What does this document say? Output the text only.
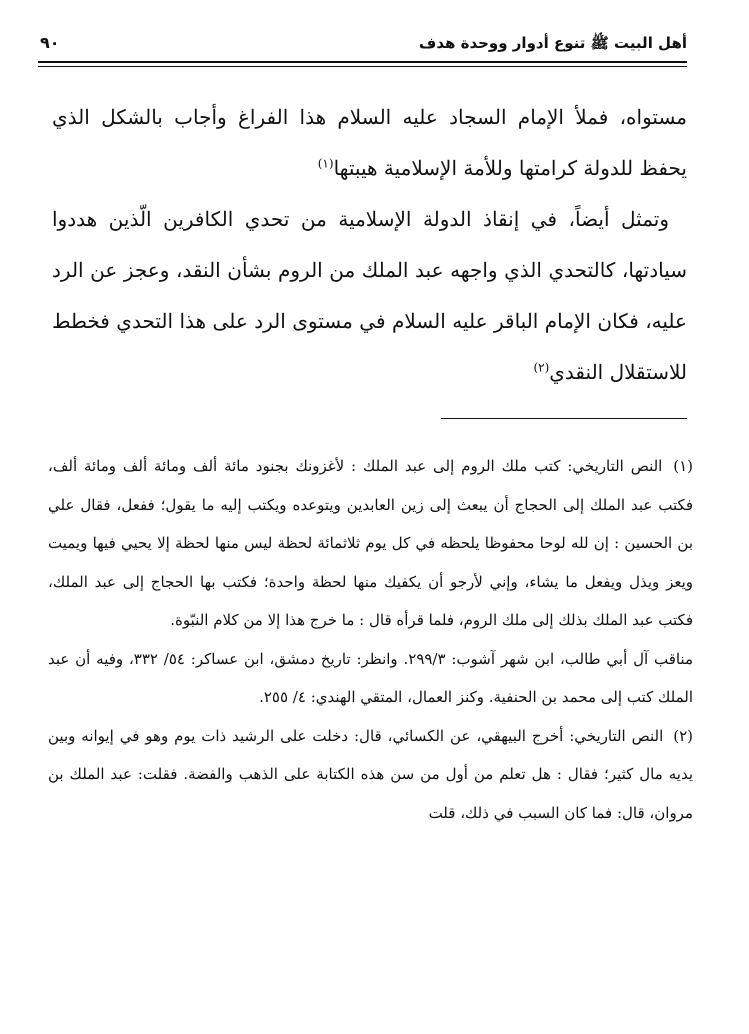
أهل البيت ﷺ تنوع أدوار ووحدة هدف
٩٠

مستواه، فملأ الإمام السجاد عليه السلام هذا الفراغ وأجاب بالشكل الذي يحفظ للدولة كرامتها وللأمة الإسلامية هيبتها$^{(١)}$

وتمثل أيضاً، في إنقاذ الدولة الإسلامية من تحدي الكافرين الّذين هددوا سيادتها، كالتحدي الذي واجهه عبد الملك من الروم بشأن النقد، وعجز عن الرد عليه، فكان الإمام الباقر عليه السلام في مستوى الرد على هذا التحدي فخطط للاستقلال النقدي$^{(٢)}$

(١) النص التاريخي: كتب ملك الروم إلى عبد الملك : لأغزونك بجنود مائة ألف ومائة ألف ومائة ألف، فكتب عبد الملك إلى الحجاج أن يبعث إلى زين العابدين ويتوعده ويكتب إليه ما يقول؛ ففعل، فقال علي بن الحسين : إن لله لوحا محفوظا يلحظه في كل يوم ثلاثمائة لحظة ليس منها لحظة إلا يحيي فيها ويميت ويعز ويذل ويفعل ما يشاء، وإني لأرجو أن يكفيك منها لحظة واحدة؛ فكتب بها الحجاج إلى عبد الملك، فكتب عبد الملك بذلك إلى ملك الروم، فلما قرأه قال : ما خرج هذا إلا من كلام النبّوة.

مناقب آل أبي طالب، ابن شهر آشوب: ٢٩٩/٣. وانظر: تاريخ دمشق، ابن عساكر: ٥٤/ ٣٣٢، وفيه أن عبد الملك كتب إلى محمد بن الحنفية. وكنز العمال، المتقي الهندي: ٤/ ٢٥٥.

(٢) النص التاريخي: أخرج البيهقي، عن الكسائي، قال: دخلت على الرشيد ذات يوم وهو في إيوانه وبين يديه مال كثير؛ فقال : هل تعلم من أول من سن هذه الكتابة على الذهب والفضة. فقلت: عبد الملك بن مروان، قال: فما كان السبب في ذلك، قلت
